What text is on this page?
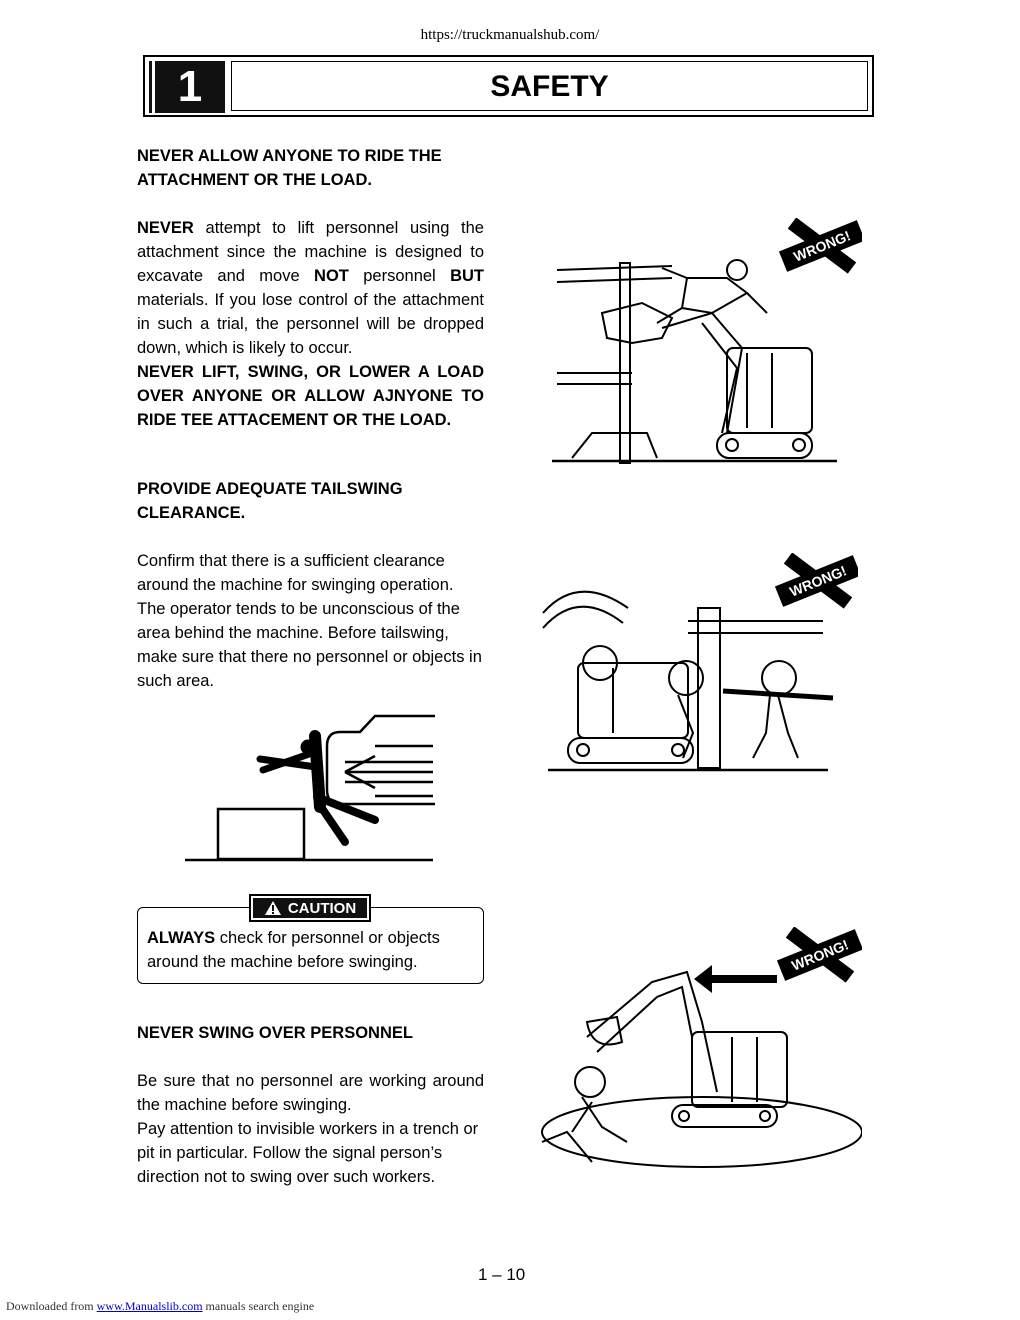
https://truckmanualshub.com/
1	SAFETY
NEVER ALLOW ANYONE TO RIDE THE
ATTACHMENT OR THE LOAD.
NEVER attempt to lift personnel using the attachment since the machine is designed to excavate and move NOT personnel BUT materials. If you lose control of the attachment in such a trial, the personnel will be dropped down, which is likely to occur.
NEVER LIFT, SWING, OR LOWER A LOAD OVER ANYONE OR ALLOW AJNYONE TO RIDE TEE ATTACEMENT OR THE LOAD.
PROVIDE ADEQUATE TAILSWING
CLEARANCE.
Confirm that there is a sufficient clearance around the machine for swinging operation. The operator tends to be unconscious of the area behind the machine. Before tailswing, make sure that there no personnel or objects in such area.
CAUTION
ALWAYS check for personnel or objects around the machine before swinging.
NEVER SWING OVER PERSONNEL
Be sure that no personnel are working around the machine before swinging.
Pay attention to invisible workers in a trench or pit in particular. Follow the signal person’s direction not to swing over such workers.
WRONG!
WRONG!
WRONG!
1 – 10
Downloaded from www.Manualslib.com manuals search engine
